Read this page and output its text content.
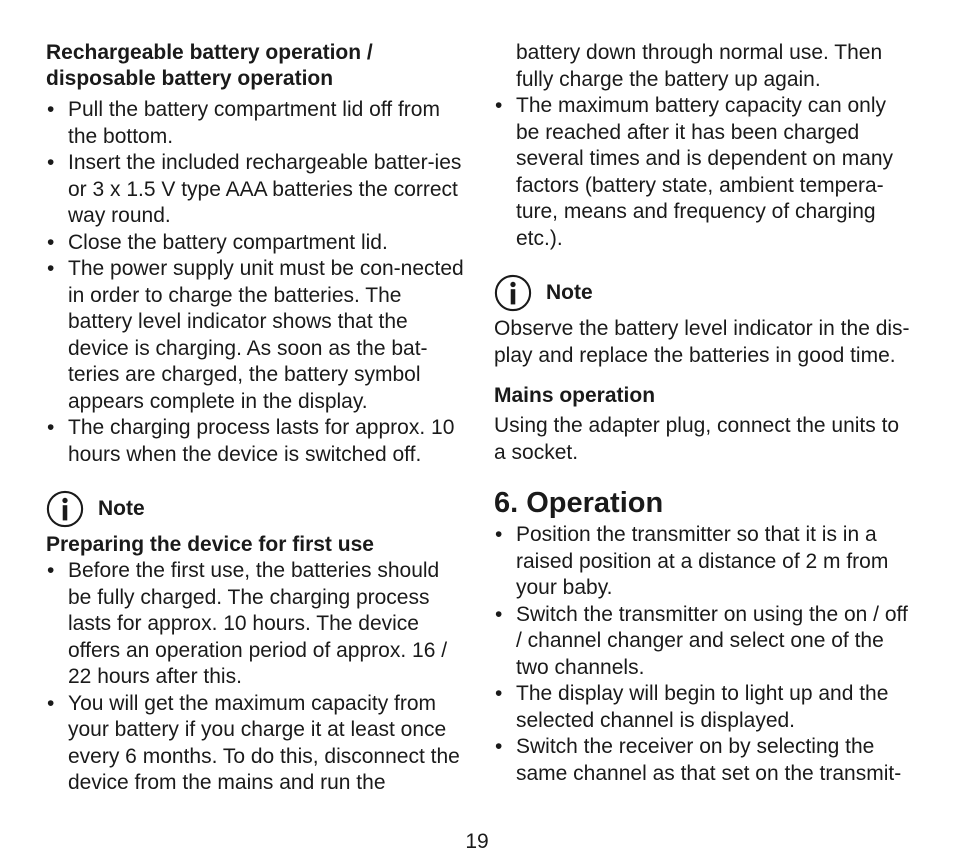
Rechargeable battery operation /
disposable battery operation

• Pull the battery compartment lid off from the bottom.
• Insert the included rechargeable batter-ies or 3 x 1.5 V type AAA batteries the correct way round.
• Close the battery compartment lid.
• The power supply unit must be con-nected in order to charge the batteries. The battery level indicator shows that the device is charging. As soon as the bat-teries are charged, the battery symbol appears complete in the display.
• The charging process lasts for approx. 10 hours when the device is switched off.
Note

Preparing the device for first use

• Before the first use, the batteries should be fully charged. The charging process lasts for approx. 10 hours. The device offers an operation period of approx. 16 / 22 hours after this.
• You will get the maximum capacity from your battery if you charge it at least once every 6 months. To do this, disconnect the device from the mains and run the

battery down through normal use. Then fully charge the battery up again.

• The maximum battery capacity can only be reached after it has been charged several times and is dependent on many factors (battery state, ambient tempera-ture, means and frequency of charging etc.).
Note

Observe the battery level indicator in the dis-play and replace the batteries in good time.

Mains operation

Using the adapter plug, connect the units to a socket.

6. Operation
• Position the transmitter so that it is in a raised position at a distance of 2 m from your baby.
• Switch the transmitter on using the on / off / channel changer and select one of the two channels.
• The display will begin to light up and the selected channel is displayed.
• Switch the receiver on by selecting the same channel as that set on the transmit-
19
